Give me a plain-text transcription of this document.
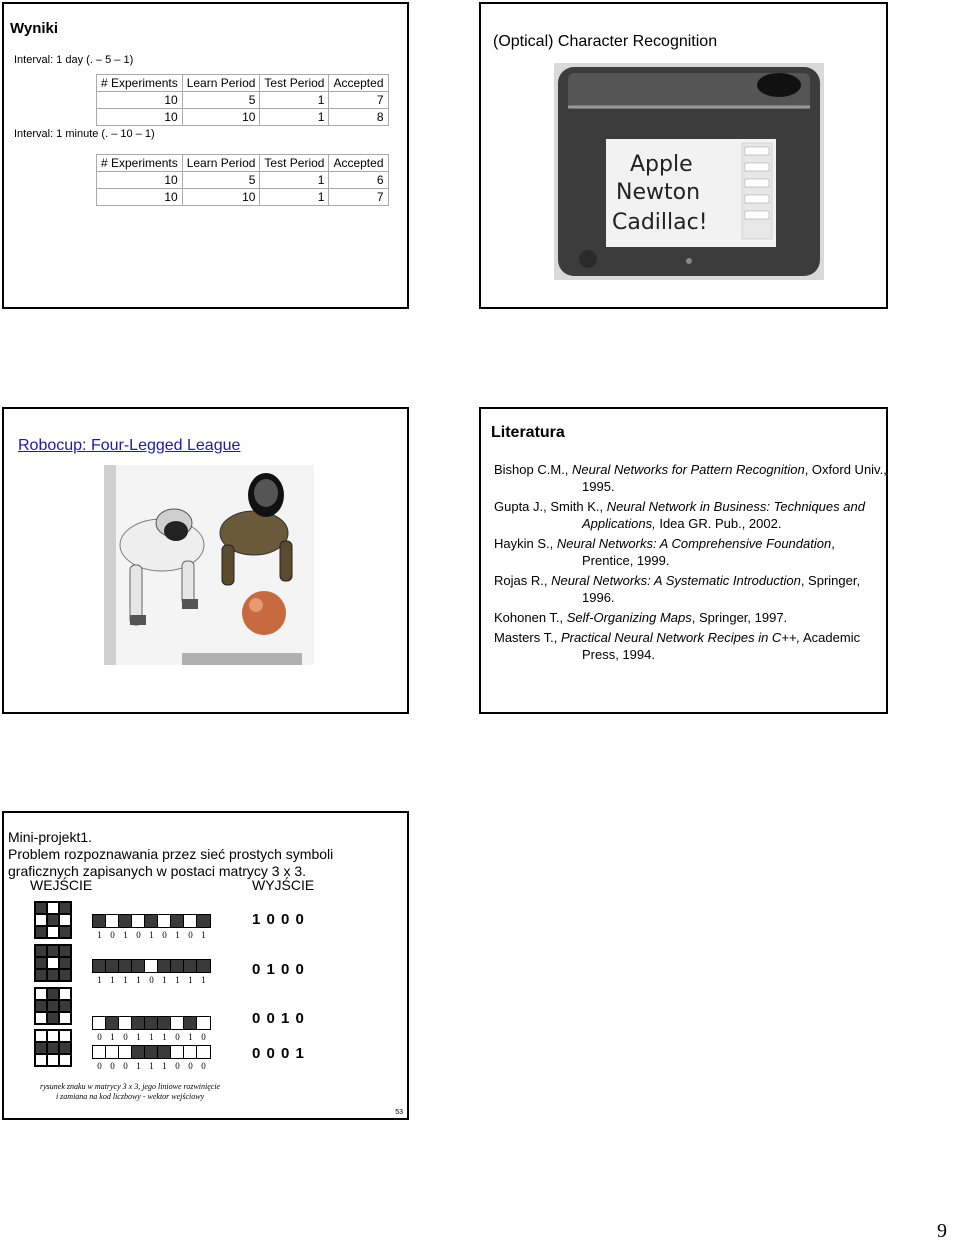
Wyniki
Interval: 1 day (. – 5 – 1)
# Experiments	Learn Period	Test Period	Accepted
10	5	1	7
10	10	1	8
Interval: 1 minute (. – 10 – 1)
# Experiments	Learn Period	Test Period	Accepted
10	5	1	6
10	10	1	7
(Optical) Character Recognition
Apple
Newton
Cadillac!
Robocup: Four-Legged League
Literatura
Bishop C.M., Neural Networks for Pattern Recognition, Oxford Univ., 1995.
Gupta J., Smith K., Neural Network in Business: Techniques and Applications, Idea GR. Pub., 2002.
Haykin S., Neural Networks: A Comprehensive Foundation, Prentice, 1999.
Rojas R., Neural Networks: A Systematic Introduction, Springer, 1996.
Kohonen T., Self-Organizing Maps, Springer, 1997.
Masters T., Practical Neural Network Recipes in C++, Academic Press, 1994.
Mini-projekt1.
Problem rozpoznawania przez sieć prostych symboli graficznych zapisanych w postaci matrycy 3 x 3.
WEJŚCIE	WYJŚCIE
1 0 1 0 1 0 1 0 1
1 0 0 0
1 1 1 1 0 1 1 1 1
0 1 0 0
0 1 0 1 1 1 0 1 0
0 0 1 0
0 0 0 1 1 1 0 0 0
0 0 0 1
rysunek znaku w matrycy 3 x 3, jego liniowe rozwinięcie
i zamiana na kod liczbowy - wektor wejściowy
53
9
